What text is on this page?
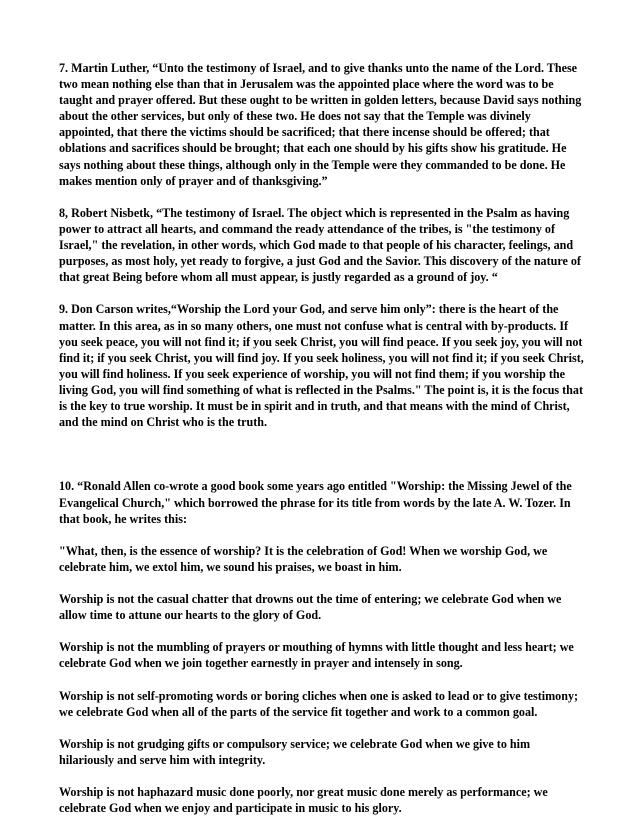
7. Martin Luther, “Unto the testimony of Israel, and to give thanks unto the name of the Lord. These two mean nothing else than that in Jerusalem was the appointed place where the word was to be taught and prayer offered. But these ought to be written in golden letters, because David says nothing about the other services, but only of these two. He does not say that the Temple was divinely appointed, that there the victims should be sacrificed; that there incense should be offered; that oblations and sacrifices should be brought; that each one should by his gifts show his gratitude. He says nothing about these things, although only in the Temple were they commanded to be done. He makes mention only of prayer and of thanksgiving.”

8, Robert Nisbetk, “The testimony of Israel. The object which is represented in the Psalm as having power to attract all hearts, and command the ready attendance of the tribes, is "the testimony of Israel," the revelation, in other words, which God made to that people of his character, feelings, and purposes, as most holy, yet ready to forgive, a just God and the Savior. This discovery of the nature of that great Being before whom all must appear, is justly regarded as a ground of joy. “

9. Don Carson writes,“Worship the Lord your God, and serve him only”: there is the heart of the matter. In this area, as in so many others, one must not confuse what is central with by-products. If you seek peace, you will not find it; if you seek Christ, you will find peace. If you seek joy, you will not find it; if you seek Christ, you will find joy. If you seek holiness, you will not find it; if you seek Christ, you will find holiness. If you seek experience of worship, you will not find them; if you worship the living God, you will find something of what is reflected in the Psalms." The point is, it is the focus that is the key to true worship. It must be in spirit and in truth, and that means with the mind of Christ, and the mind on Christ who is the truth.

10. “Ronald Allen co-wrote a good book some years ago entitled "Worship: the Missing Jewel of the Evangelical Church," which borrowed the phrase for its title from words by the late A. W. Tozer. In that book, he writes this:

"What, then, is the essence of worship? It is the celebration of God! When we worship God, we celebrate him, we extol him, we sound his praises, we boast in him.

Worship is not the casual chatter that drowns out the time of entering; we celebrate God when we allow time to attune our hearts to the glory of God.

Worship is not the mumbling of prayers or mouthing of hymns with little thought and less heart; we celebrate God when we join together earnestly in prayer and intensely in song.

Worship is not self-promoting words or boring cliches when one is asked to lead or to give testimony; we celebrate God when all of the parts of the service fit together and work to a common goal.

Worship is not grudging gifts or compulsory service; we celebrate God when we give to him hilariously and serve him with integrity.

Worship is not haphazard music done poorly, nor great music done merely as performance; we celebrate God when we enjoy and participate in music to his glory.
